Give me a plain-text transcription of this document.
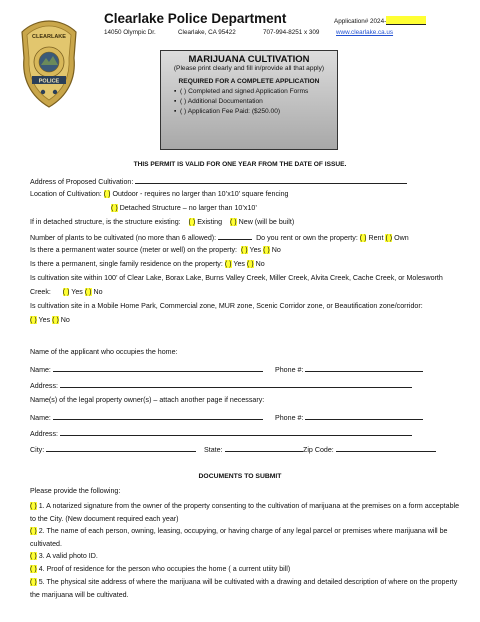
CLEARLAKE
POLICE
Clearlake Police Department	Application# 2024-
14050 Olympic Dr.	Clearlake, CA 95422	707-994-8251 x 309	www.clearlake.ca.us
MARIJUANA CULTIVATION
(Please print clearly and fill in/provide all that apply)
REQUIRED FOR A COMPLETE APPLICATION
▪  ( ) Completed and signed Application Forms
▪  ( ) Additional Documentation
▪  ( ) Application Fee Paid: ($250.00)
THIS PERMIT IS VALID FOR ONE YEAR FROM THE DATE OF ISSUE.
Address of Proposed Cultivation:
Location of Cultivation: ( ) Outdoor - requires no larger than 10’x10’ square fencing
( ) Detached Structure – no larger than 10’x10’
If in detached structure, is the structure existing: ( ) Existing ( ) New (will be built)
Number of plants to be cultivated (no more than 6 allowed):	Do you rent or own the property: ( ) Rent ( ) Own
Is there a permanent water source (meter or well) on the property: ( ) Yes ( ) No
Is there a permanent, single family residence on the property: ( ) Yes ( ) No
Is cultivation site within 100’ of Clear Lake, Borax Lake, Burns Valley Creek, Miller Creek, Alvita Creek, Cache Creek, or Molesworth
Creek: ( ) Yes ( ) No
Is cultivation site in a Mobile Home Park, Commercial zone, MUR zone, Scenic Corridor zone, or Beautification zone/corridor:
( ) Yes ( ) No
Name of the applicant who occupies the home:
Name:	Phone #:
Address:
Name(s) of the legal property owner(s) – attach another page if necessary:
Name:	Phone #:
Address:
City:	State:	Zip Code:
DOCUMENTS TO SUBMIT
Please provide the following:
( ) 1. A notarized signature from the owner of the property consenting to the cultivation of marijuana at the premises on a form acceptable to the City. (New document required each year)
( ) 2. The name of each person, owning, leasing, occupying, or having charge of any legal parcel or premises where marijuana will be cultivated.
( ) 3. A valid photo ID.
( ) 4. Proof of residence for the person who occupies the home ( a current utiity bill)
( ) 5. The physical site address of where the marijuana will be cultivated with a drawing and detailed description of where on the property the marijuana will be cultivated.
